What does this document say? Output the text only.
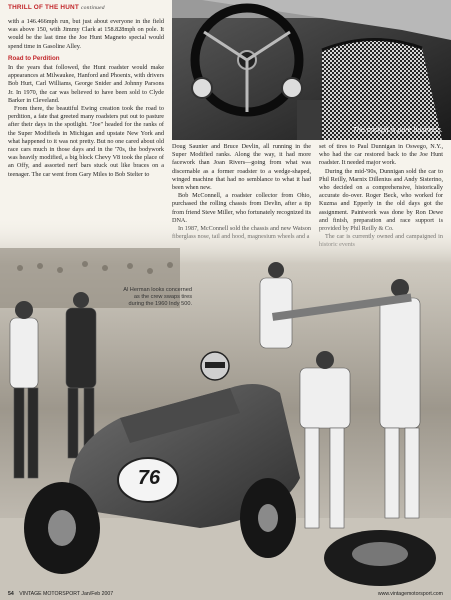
The cockpit is pure business.
THRILL OF THE HUNT continued

with a 146.466mph run, but just about everyone in the field was above 150, with Jimmy Clark at 158.828mph on pole. It would be the last time the Joe Hunt Magneto special would spend time in Gasoline Alley.

Road to Perdition

In the years that followed, the Hunt roadster would make appearances at Milwaukee, Hanford and Phoenix, with drivers Bob Hurt, Carl Williams, George Snider and Johnny Parsons Jr. In 1970, the car was believed to have been sold to Clyde Barker in Cleveland.

From there, the beautiful Ewing creation took the road to perdition, a fate that greeted many roadsters put out to pasture after their days in the spotlight. "Joe" headed for the ranks of the Super Modifieds in Michigan and upstate New York and what happened to it was not pretty. But no one cared about old race cars much in those days and in the '70s, the bodywork was heavily modified, a big block Chevy V8 took the place of an Offy, and assorted nerf bars stuck out like braces on a teenager. The car went from Gary Miles to Bob Stelter to

Doug Saunier and Bruce Devlin, all running in the Super Modified ranks. Along the way, it had more facework than Joan Rivers—going from what was discernable as a former roadster to a wedge-shaped, winged machine that had no semblance to what it had been when new.

Bob McConnell, a roadster collector from Ohio, purchased the rolling chassis from Devlin, after a tip from friend Steve Miller, who fortunately recognized its

set of tires to Paul Dunnigan in Oswego, N.Y., who had the car restored back to the Joe Hunt roadster. It needed major work.

During the mid-'90s, Dunnigan sold the car to Phil Reilly, Marnix Dillenius and Andy Sisterino, who decided on a comprehensive, historically accurate do-over. Roger Beck, who worked for Kuzma and Epperly in the old days got the assignment. Paintwork was done by Ron Dewe

76
Al Herman looks concerned as the crew swaps tires during the 1960 Indy 500.
54 VINTAGE MOTORSPORT Jan/Feb 2007	www.vintagemotorsport.com
